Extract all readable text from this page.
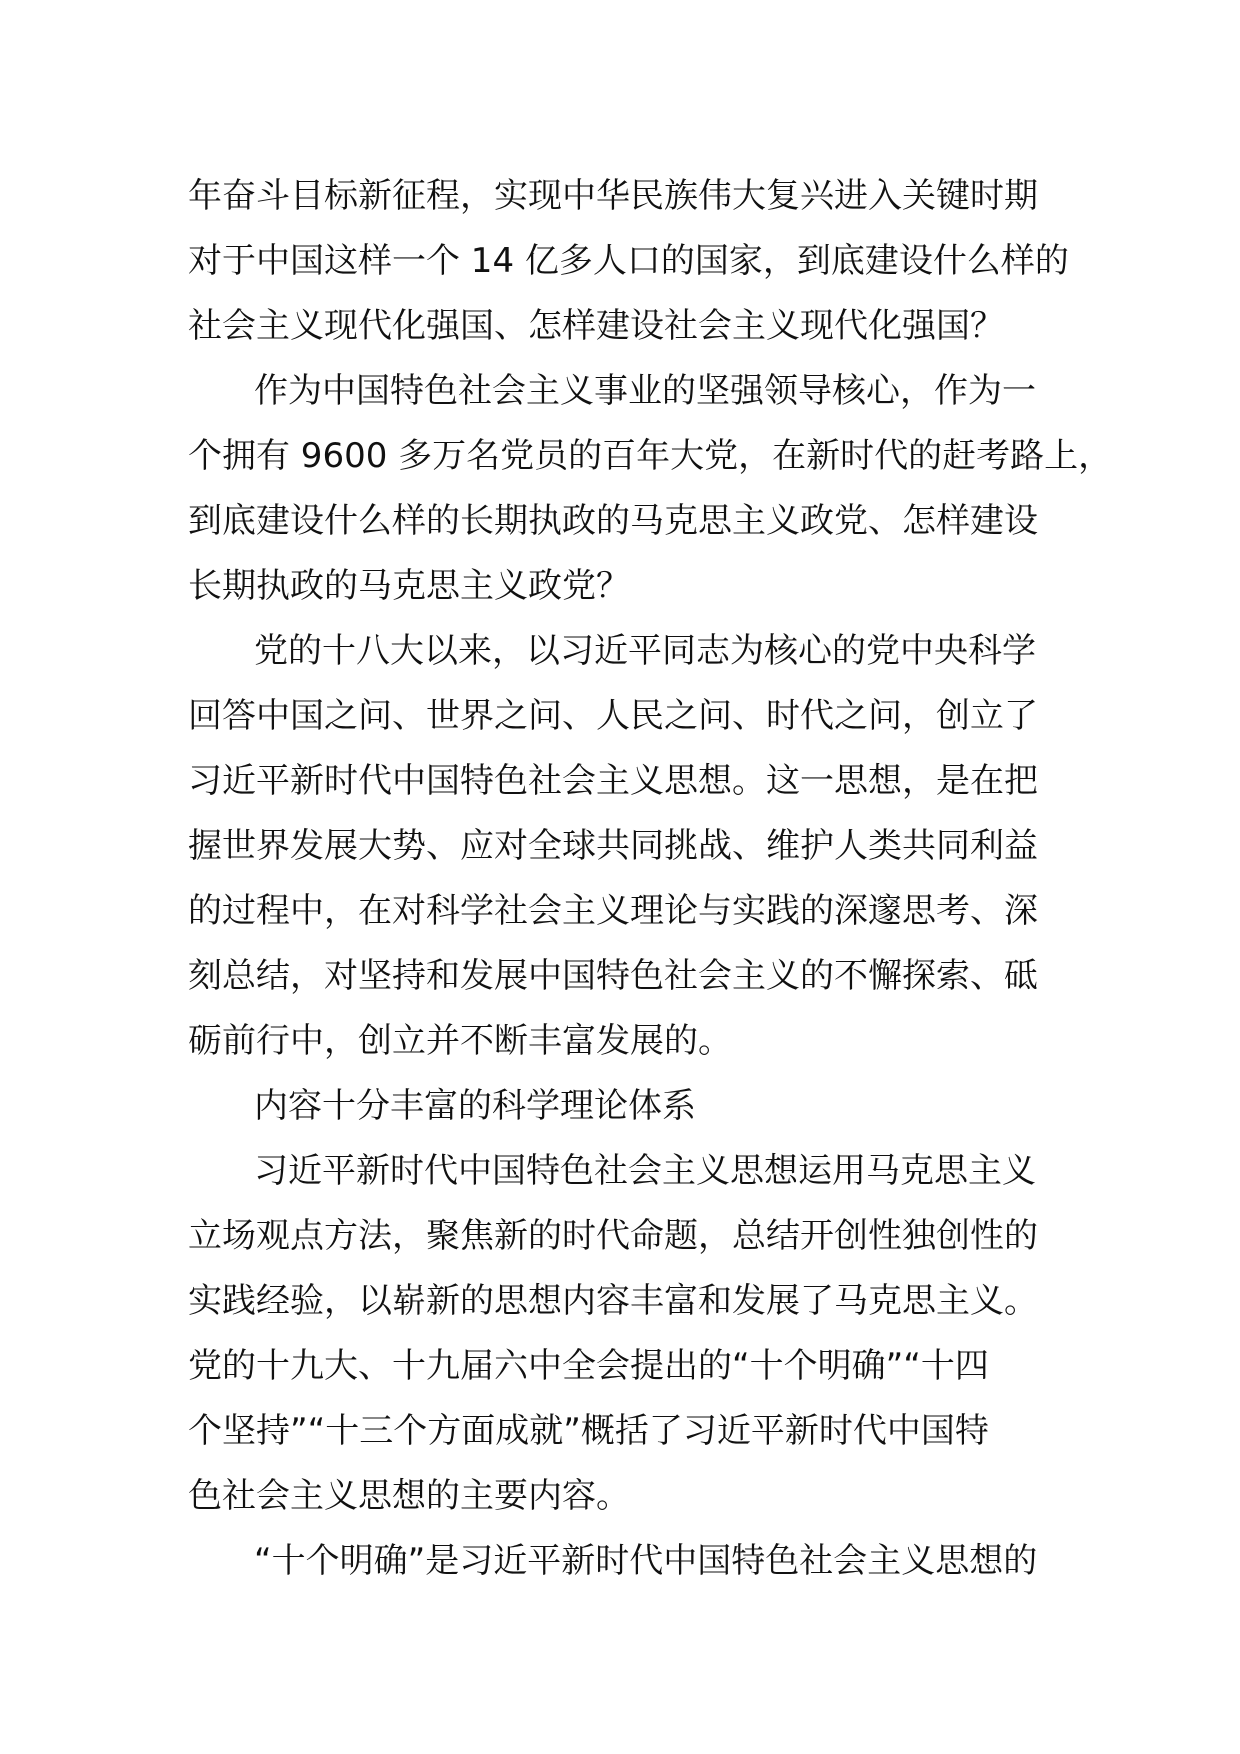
年奋斗目标新征程，实现中华民族伟大复兴进入关键时期
对于中国这样一个 14 亿多人口的国家，到底建设什么样的
社会主义现代化强国、怎样建设社会主义现代化强国？
作为中国特色社会主义事业的坚强领导核心，作为一
个拥有 9600 多万名党员的百年大党，在新时代的赶考路上，
到底建设什么样的长期执政的马克思主义政党、怎样建设
长期执政的马克思主义政党？
党的十八大以来，以习近平同志为核心的党中央科学
回答中国之问、世界之问、人民之问、时代之问，创立了
习近平新时代中国特色社会主义思想。这一思想，是在把
握世界发展大势、应对全球共同挑战、维护人类共同利益
的过程中，在对科学社会主义理论与实践的深邃思考、深
刻总结，对坚持和发展中国特色社会主义的不懈探索、砥
砺前行中，创立并不断丰富发展的。
内容十分丰富的科学理论体系
习近平新时代中国特色社会主义思想运用马克思主义
立场观点方法，聚焦新的时代命题，总结开创性独创性的
实践经验，以崭新的思想内容丰富和发展了马克思主义。
党的十九大、十九届六中全会提出的“十个明确”“十四
个坚持”“十三个方面成就”概括了习近平新时代中国特
色社会主义思想的主要内容。
“十个明确”是习近平新时代中国特色社会主义思想的
